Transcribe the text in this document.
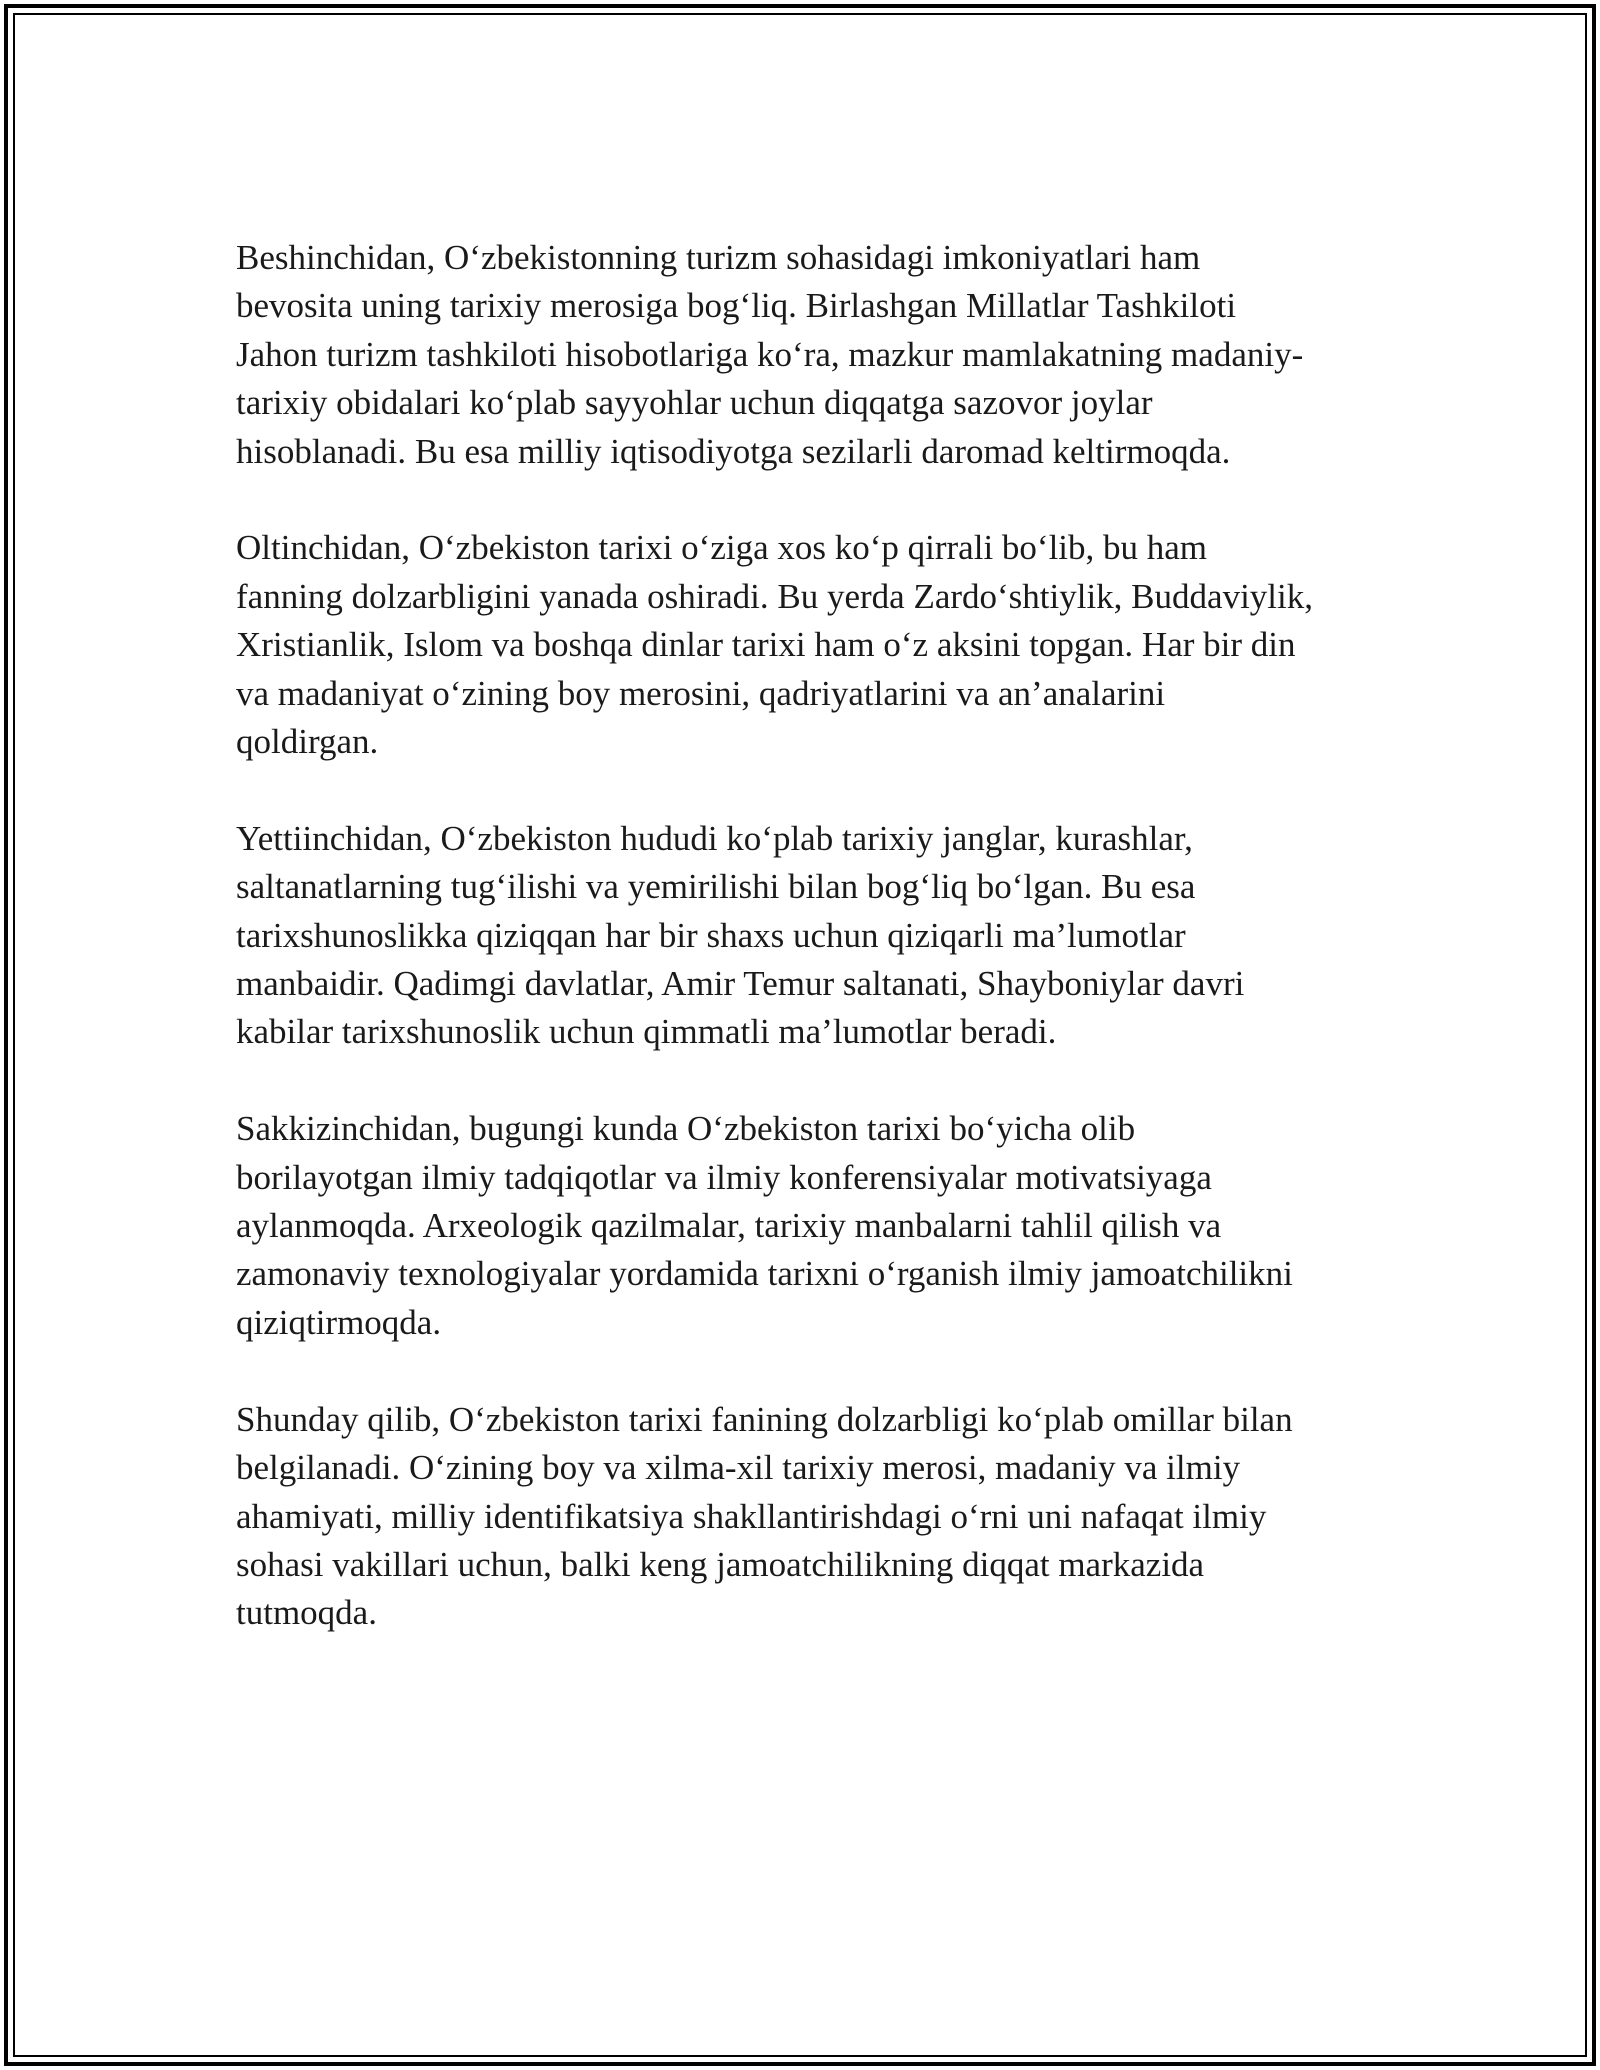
Beshinchidan, Oʻzbekistonning turizm sohasidagi imkoniyatlari ham
bevosita uning tarixiy merosiga bogʻliq. Birlashgan Millatlar Tashkiloti
Jahon turizm tashkiloti hisobotlariga koʻra, mazkur mamlakatning madaniy-
tarixiy obidalari koʻplab sayyohlar uchun diqqatga sazovor joylar
hisoblanadi. Bu esa milliy iqtisodiyotga sezilarli daromad keltirmoqda.

Oltinchidan, Oʻzbekiston tarixi oʻziga xos koʻp qirrali boʻlib, bu ham
fanning dolzarbligini yanada oshiradi. Bu yerda Zardoʻshtiylik, Buddaviylik,
Xristianlik, Islom va boshqa dinlar tarixi ham oʻz aksini topgan. Har bir din
va madaniyat oʻzining boy merosini, qadriyatlarini va an’analarini
qoldirgan.

Yettiinchidan, Oʻzbekiston hududi koʻplab tarixiy janglar, kurashlar,
saltanatlarning tugʻilishi va yemirilishi bilan bogʻliq boʻlgan. Bu esa
tarixshunoslikka qiziqqan har bir shaxs uchun qiziqarli ma’lumotlar
manbaidir. Qadimgi davlatlar, Amir Temur saltanati, Shayboniylar davri
kabilar tarixshunoslik uchun qimmatli ma’lumotlar beradi.

Sakkizinchidan, bugungi kunda Oʻzbekiston tarixi boʻyicha olib
borilayotgan ilmiy tadqiqotlar va ilmiy konferensiyalar motivatsiyaga
aylanmoqda. Arxeologik qazilmalar, tarixiy manbalarni tahlil qilish va
zamonaviy texnologiyalar yordamida tarixni oʻrganish ilmiy jamoatchilikni
qiziqtirmoqda.

Shunday qilib, Oʻzbekiston tarixi fanining dolzarbligi koʻplab omillar bilan
belgilanadi. Oʻzining boy va xilma-xil tarixiy merosi, madaniy va ilmiy
ahamiyati, milliy identifikatsiya shakllantirishdagi oʻrni uni nafaqat ilmiy
sohasi vakillari uchun, balki keng jamoatchilikning diqqat markazida
tutmoqda.
